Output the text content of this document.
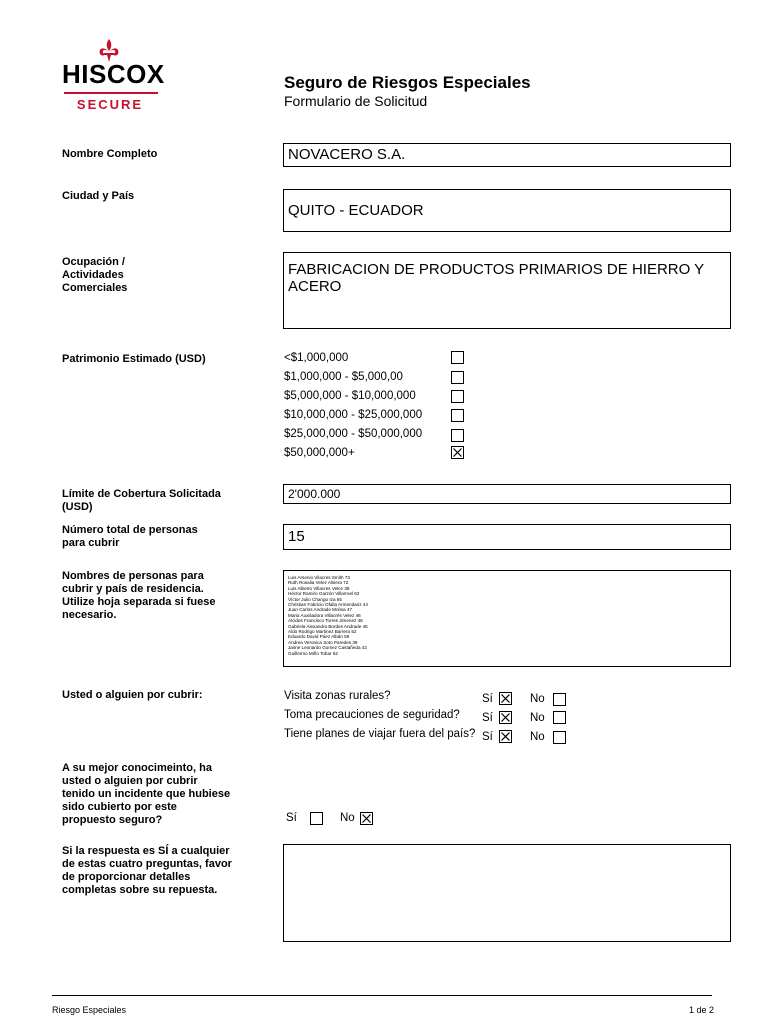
HISCOX
SECURE
Seguro de Riesgos Especiales
Formulario de Solicitud
Nombre Completo	NOVACERO S.A.
Ciudad y País
QUITO - ECUADOR
Ocupación /
Actividades
Comerciales
FABRICACION DE PRODUCTOS PRIMARIOS DE HIERRO Y
ACERO
Patrimonio Estimado (USD)	<$1,000,000
$1,000,000 - $5,000,00
$5,000,000 - $10,000,000
$10,000,000 - $25,000,000
$25,000,000 - $50,000,000
$50,000,000+
Límite de Cobertura Solicitada
(USD)
2'000.000
Número total de personas
para cubrir	15
Nombres de personas para
cubrir y país de residencia.
Utilize hoja separada si fuese
necesario.
Luis Arsenio Vilacres Smith 73
Ruth Rosalia Velez Alsiera 72
Luis Alberto Villacres Velez 38
Héctor Ramiro Garzón Villarroel 62
Víctor Julio Chango Iza 55
Christian Fabricio Ofalla Armendariz 44
Juan Carlos Andrade Molina 47
Maria Auxiliadora Villacrés Velez 46
Alcides Francisco Torres Jimenez 48
Gabriela Alexandra Bordes Andrade 45
Aldo Rodrigo Martinez Barrera 52
Eduardo David Páez Albán 58
Andrea Veronica Soto Paredes 39
Jaime Leonardo Gomez Castañeda 42
Guillermo Miño Tobar 62
Usted o alguien por cubrir:	Visita zonas rurales?	Sí	No
Toma precauciones de seguridad? Sí	No
Tiene planes de viajar fuera del país? Sí	No
A su mejor conocimeinto, ha
usted o alguien por cubrir
tenido un incidente que hubiese
sido cubierto por este
propuesto seguro?	Sí	No
Si la respuesta es SÍ a cualquier
de estas cuatro preguntas, favor
de proporcionar detalles
completas sobre su repuesta.
Riesgo Especiales	1 de 2
